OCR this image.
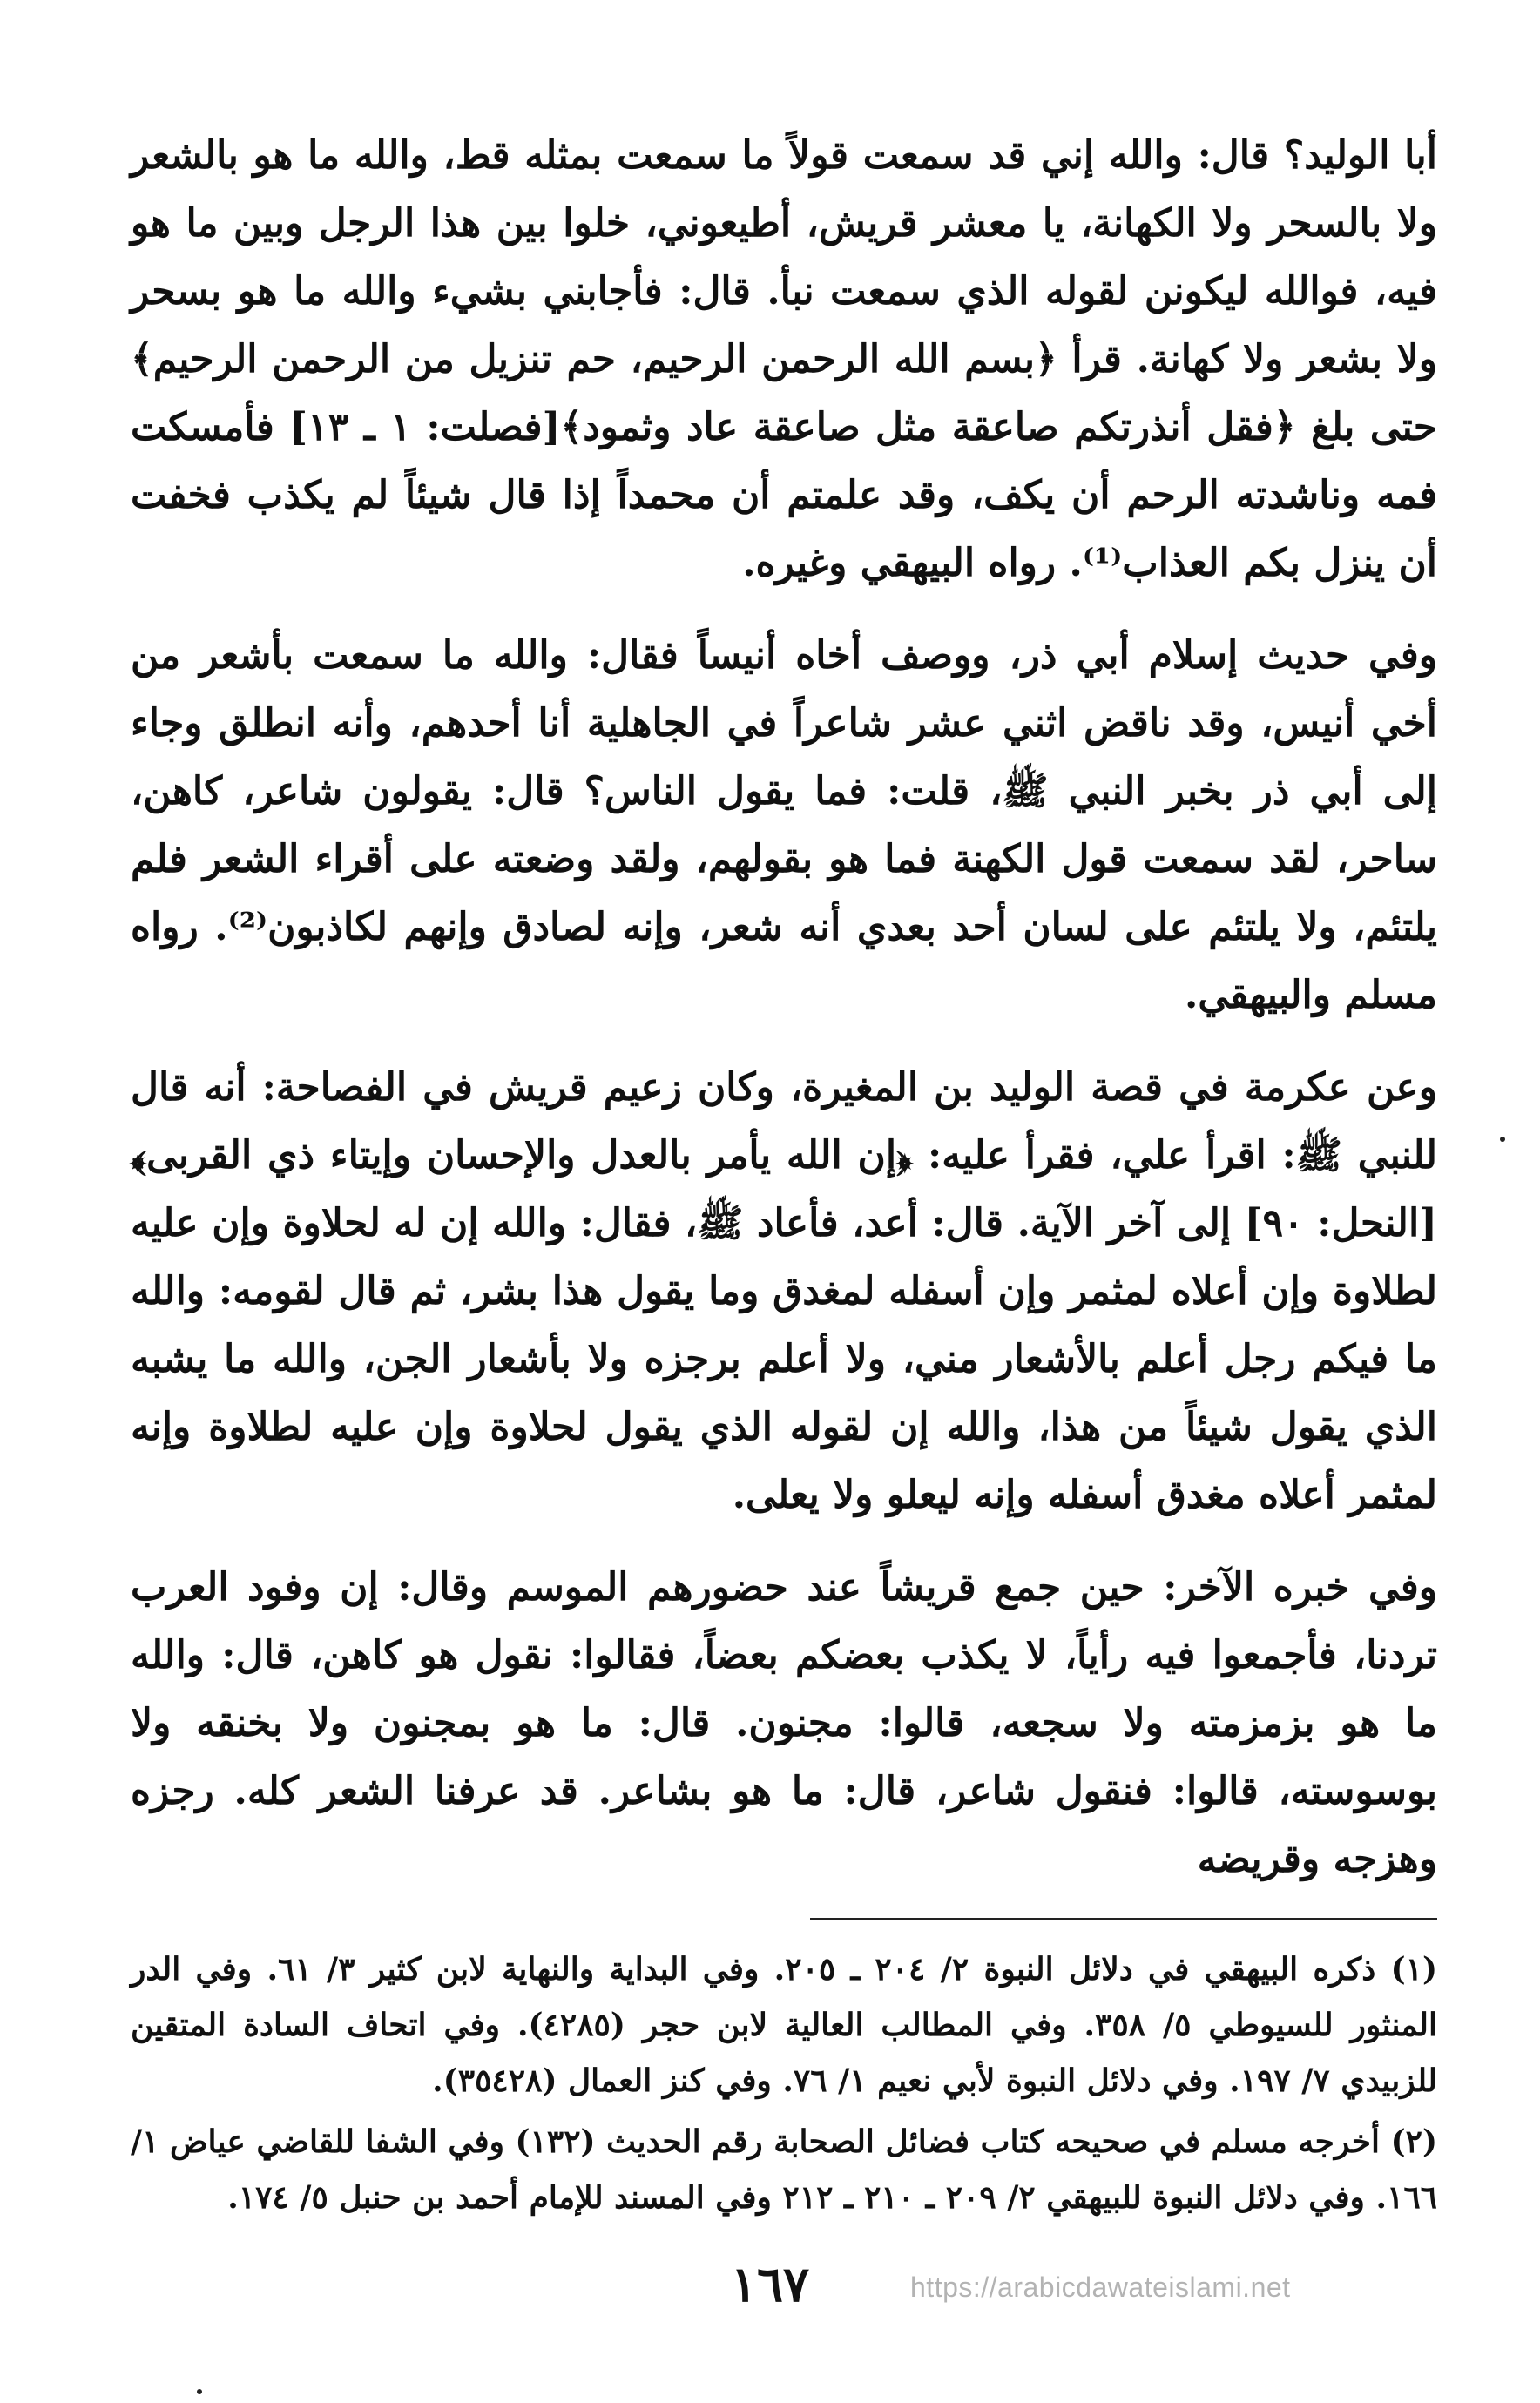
أبا الوليد؟ قال: والله إني قد سمعت قولاً ما سمعت بمثله قط، والله ما هو بالشعر ولا بالسحر ولا الكهانة، يا معشر قريش، أطيعوني، خلوا بين هذا الرجل وبين ما هو فيه، فوالله ليكونن لقوله الذي سمعت نبأ. قال: فأجابني بشيء والله ما هو بسحر ولا بشعر ولا كهانة. قرأ ﴿بسم الله الرحمن الرحيم، حم تنزيل من الرحمن الرحيم﴾ حتى بلغ ﴿فقل أنذرتكم صاعقة مثل صاعقة عاد وثمود﴾[فصلت: ١ ـ ١٣] فأمسكت فمه وناشدته الرحم أن يكف، وقد علمتم أن محمداً إذا قال شيئاً لم يكذب فخفت أن ينزل بكم العذاب⁽¹⁾. رواه البيهقي وغيره.

وفي حديث إسلام أبي ذر، ووصف أخاه أنيساً فقال: والله ما سمعت بأشعر من أخي أنيس، وقد ناقض اثني عشر شاعراً في الجاهلية أنا أحدهم، وأنه انطلق وجاء إلى أبي ذر بخبر النبي ﷺ، قلت: فما يقول الناس؟ قال: يقولون شاعر، كاهن، ساحر، لقد سمعت قول الكهنة فما هو بقولهم، ولقد وضعته على أقراء الشعر فلم يلتئم، ولا يلتئم على لسان أحد بعدي أنه شعر، وإنه لصادق وإنهم لكاذبون⁽²⁾. رواه مسلم والبيهقي.

وعن عكرمة في قصة الوليد بن المغيرة، وكان زعيم قريش في الفصاحة: أنه قال للنبي ﷺ: اقرأ علي، فقرأ عليه: ﴿إن الله يأمر بالعدل والإحسان وإيتاء ذي القربى﴾ [النحل: ٩٠] إلى آخر الآية. قال: أعد، فأعاد ﷺ، فقال: والله إن له لحلاوة وإن عليه لطلاوة وإن أعلاه لمثمر وإن أسفله لمغدق وما يقول هذا بشر، ثم قال لقومه: والله ما فيكم رجل أعلم بالأشعار مني، ولا أعلم برجزه ولا بأشعار الجن، والله ما يشبه الذي يقول شيئاً من هذا، والله إن لقوله الذي يقول لحلاوة وإن عليه لطلاوة وإنه لمثمر أعلاه مغدق أسفله وإنه ليعلو ولا يعلى.

وفي خبره الآخر: حين جمع قريشاً عند حضورهم الموسم وقال: إن وفود العرب تردنا، فأجمعوا فيه رأياً، لا يكذب بعضكم بعضاً، فقالوا: نقول هو كاهن، قال: والله ما هو بزمزمته ولا سجعه، قالوا: مجنون. قال: ما هو بمجنون ولا بخنقه ولا بوسوسته، قالوا: فنقول شاعر، قال: ما هو بشاعر. قد عرفنا الشعر كله. رجزه وهزجه وقريضه

(١) ذكره البيهقي في دلائل النبوة ٢/ ٢٠٤ ـ ٢٠٥. وفي البداية والنهاية لابن كثير ٣/ ٦١. وفي الدر المنثور للسيوطي ٥/ ٣٥٨. وفي المطالب العالية لابن حجر (٤٢٨٥). وفي اتحاف السادة المتقين للزبيدي ٧/ ١٩٧. وفي دلائل النبوة لأبي نعيم ١/ ٧٦. وفي كنز العمال (٣٥٤٢٨).

(٢) أخرجه مسلم في صحيحه كتاب فضائل الصحابة رقم الحديث (١٣٢) وفي الشفا للقاضي عياض ١/ ١٦٦. وفي دلائل النبوة للبيهقي ٢/ ٢٠٩ ـ ٢١٠ ـ ٢١٢ وفي المسند للإمام أحمد بن حنبل ٥/ ١٧٤.

١٦٧	https://arabicdawateislami.net
